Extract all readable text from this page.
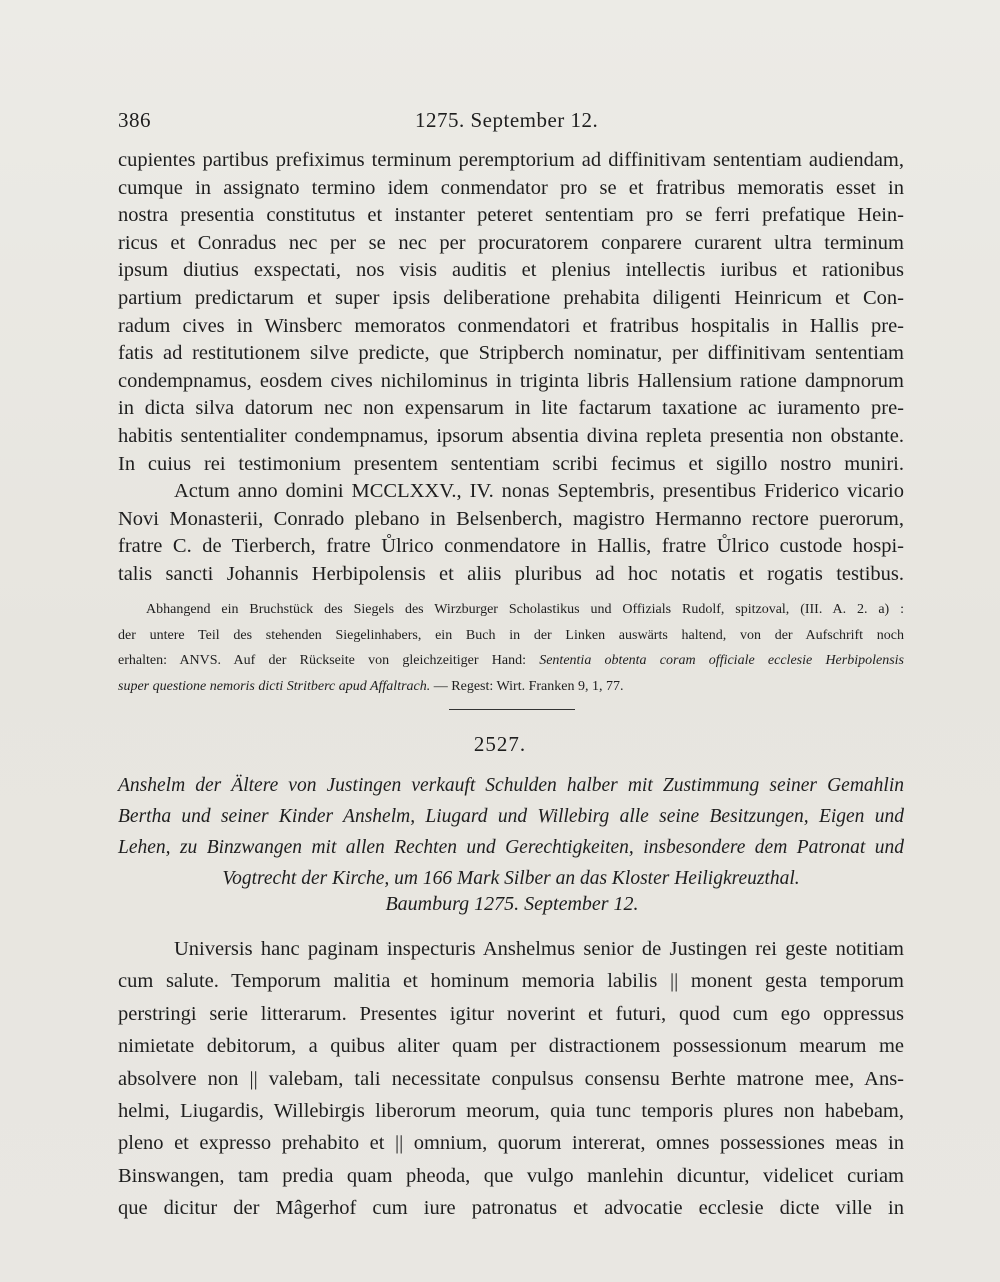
386	1275. September 12.
cupientes partibus prefiximus terminum peremptorium ad diffinitivam sententiam audiendam,
cumque in assignato termino idem conmendator pro se et fratribus memoratis esset in
nostra presentia constitutus et instanter peteret sententiam pro se ferri prefatique Hein-
ricus et Conradus nec per se nec per procuratorem conparere curarent ultra terminum
ipsum diutius exspectati, nos visis auditis et plenius intellectis iuribus et rationibus
partium predictarum et super ipsis deliberatione prehabita diligenti Heinricum et Con-
radum cives in Winsberc memoratos conmendatori et fratribus hospitalis in Hallis pre-
fatis ad restitutionem silve predicte, que Stripberch nominatur, per diffinitivam sententiam
condempnamus, eosdem cives nichilominus in triginta libris Hallensium ratione dampnorum
in dicta silva datorum nec non expensarum in lite factarum taxatione ac iuramento pre-
habitis sententialiter condempnamus, ipsorum absentia divina repleta presentia non obstante.
In cuius rei testimonium presentem sententiam scribi fecimus et sigillo nostro muniri.
Actum anno domini MCCLXXV., IV. nonas Septembris, presentibus Friderico vicario
Novi Monasterii, Conrado plebano in Belsenberch, magistro Hermanno rectore puerorum,
fratre C. de Tierberch, fratre Ůlrico conmendatore in Hallis, fratre Ůlrico custode hospi-
talis sancti Johannis Herbipolensis et aliis pluribus ad hoc notatis et rogatis testibus.
Abhangend ein Bruchstück des Siegels des Wirzburger Scholastikus und Offizials Rudolf, spitzoval, (III. A. 2. a) :
der untere Teil des stehenden Siegelinhabers, ein Buch in der Linken auswärts haltend, von der Aufschrift noch
erhalten: ANVS. Auf der Rückseite von gleichzeitiger Hand: Sententia obtenta coram officiale ecclesie Herbipolensis
super questione nemoris dicti Stritberc apud Affaltrach. — Regest: Wirt. Franken 9, 1, 77.
2527.
Anshelm der Ältere von Justingen verkauft Schulden halber mit Zustimmung seiner Gemahlin
Bertha und seiner Kinder Anshelm, Liugard und Willebirg alle seine Besitzungen, Eigen und
Lehen, zu Binzwangen mit allen Rechten und Gerechtigkeiten, insbesondere dem Patronat und
Vogtrecht der Kirche, um 166 Mark Silber an das Kloster Heiligkreuzthal.
Baumburg 1275. September 12.
Universis hanc paginam inspecturis Anshelmus senior de Justingen rei geste notitiam
cum salute. Temporum malitia et hominum memoria labilis || monent gesta temporum
perstringi serie litterarum. Presentes igitur noverint et futuri, quod cum ego oppressus
nimietate debitorum, a quibus aliter quam per distractionem possessionum mearum me
absolvere non || valebam, tali necessitate conpulsus consensu Berhte matrone mee, Ans-
helmi, Liugardis, Willebirgis liberorum meorum, quia tunc temporis plures non habebam,
pleno et expresso prehabito et || omnium, quorum intererat, omnes possessiones meas in
Binswangen, tam predia quam pheoda, que vulgo manlehin dicuntur, videlicet curiam
que dicitur der Mâgerhof cum iure patronatus et advocatie ecclesie dicte ville in
